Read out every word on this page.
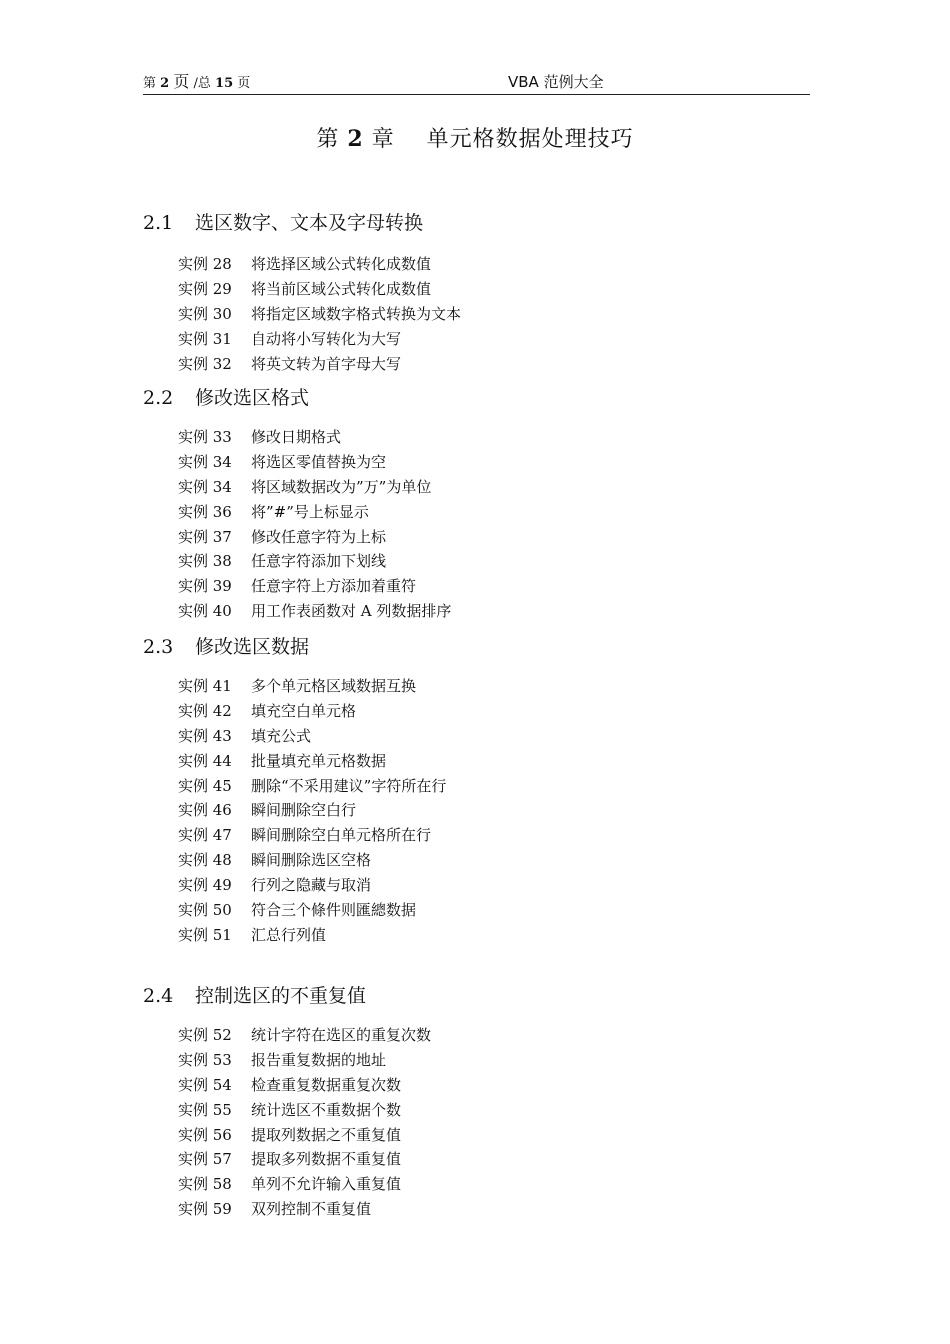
第 2 页 /总 15 页	VBA 范例大全
第 2 章 单元格数据处理技巧
2.1 选区数字、文本及字母转换
实例 28 将选择区域公式转化成数值
实例 29 将当前区域公式转化成数值
实例 30 将指定区域数字格式转换为文本
实例 31 自动将小写转化为大写
实例 32 将英文转为首字母大写
2.2 修改选区格式
实例 33 修改日期格式
实例 34 将选区零值替换为空
实例 34 将区域数据改为”万”为单位
实例 36 将”#”号上标显示
实例 37 修改任意字符为上标
实例 38 任意字符添加下划线
实例 39 任意字符上方添加着重符
实例 40 用工作表函数对 A 列数据排序
2.3 修改选区数据
实例 41 多个单元格区域数据互换
实例 42 填充空白单元格
实例 43 填充公式
实例 44 批量填充单元格数据
实例 45 删除“不采用建议”字符所在行
实例 46 瞬间删除空白行
实例 47 瞬间删除空白单元格所在行
实例 48 瞬间删除选区空格
实例 49 行列之隐藏与取消
实例 50 符合三个條件则匯總数据
实例 51 汇总行列值
2.4 控制选区的不重复值
实例 52 统计字符在选区的重复次数
实例 53 报告重复数据的地址
实例 54 检查重复数据重复次数
实例 55 统计选区不重数据个数
实例 56 提取列数据之不重复值
实例 57 提取多列数据不重复值
实例 58 单列不允许输入重复值
实例 59 双列控制不重复值
